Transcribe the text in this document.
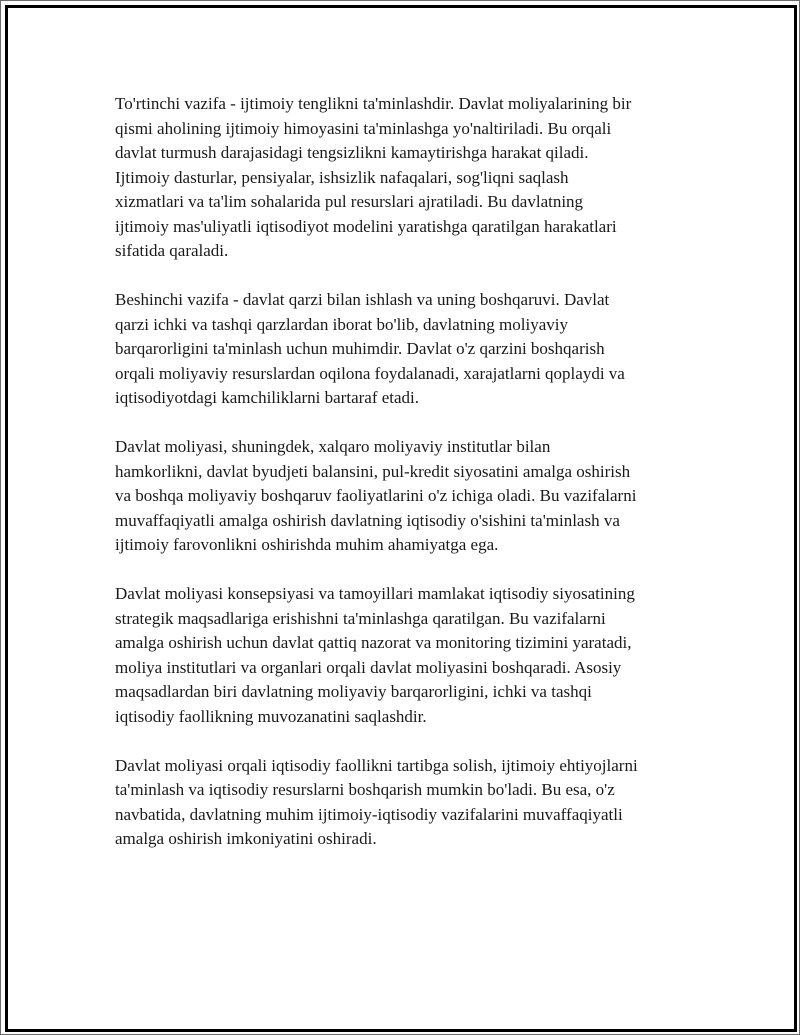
To'rtinchi vazifa - ijtimoiy tenglikni ta'minlashdir. Davlat moliyalarining bir
qismi aholining ijtimoiy himoyasini ta'minlashga yo'naltiriladi. Bu orqali
davlat turmush darajasidagi tengsizlikni kamaytirishga harakat qiladi.
Ijtimoiy dasturlar, pensiyalar, ishsizlik nafaqalari, sog'liqni saqlash
xizmatlari va ta'lim sohalarida pul resurslari ajratiladi. Bu davlatning
ijtimoiy mas'uliyatli iqtisodiyot modelini yaratishga qaratilgan harakatlari
sifatida qaraladi.

Beshinchi vazifa - davlat qarzi bilan ishlash va uning boshqaruvi. Davlat
qarzi ichki va tashqi qarzlardan iborat bo'lib, davlatning moliyaviy
barqarorligini ta'minlash uchun muhimdir. Davlat o'z qarzini boshqarish
orqali moliyaviy resurslardan oqilona foydalanadi, xarajatlarni qoplaydi va
iqtisodiyotdagi kamchiliklarni bartaraf etadi.

Davlat moliyasi, shuningdek, xalqaro moliyaviy institutlar bilan
hamkorlikni, davlat byudjeti balansini, pul-kredit siyosatini amalga oshirish
va boshqa moliyaviy boshqaruv faoliyatlarini o'z ichiga oladi. Bu vazifalarni
muvaffaqiyatli amalga oshirish davlatning iqtisodiy o'sishini ta'minlash va
ijtimoiy farovonlikni oshirishda muhim ahamiyatga ega.

Davlat moliyasi konsepsiyasi va tamoyillari mamlakat iqtisodiy siyosatining
strategik maqsadlariga erishishni ta'minlashga qaratilgan. Bu vazifalarni
amalga oshirish uchun davlat qattiq nazorat va monitoring tizimini yaratadi,
moliya institutlari va organlari orqali davlat moliyasini boshqaradi. Asosiy
maqsadlardan biri davlatning moliyaviy barqarorligini, ichki va tashqi
iqtisodiy faollikning muvozanatini saqlashdir.

Davlat moliyasi orqali iqtisodiy faollikni tartibga solish, ijtimoiy ehtiyojlarni
ta'minlash va iqtisodiy resurslarni boshqarish mumkin bo'ladi. Bu esa, o'z
navbatida, davlatning muhim ijtimoiy-iqtisodiy vazifalarini muvaffaqiyatli
amalga oshirish imkoniyatini oshiradi.
